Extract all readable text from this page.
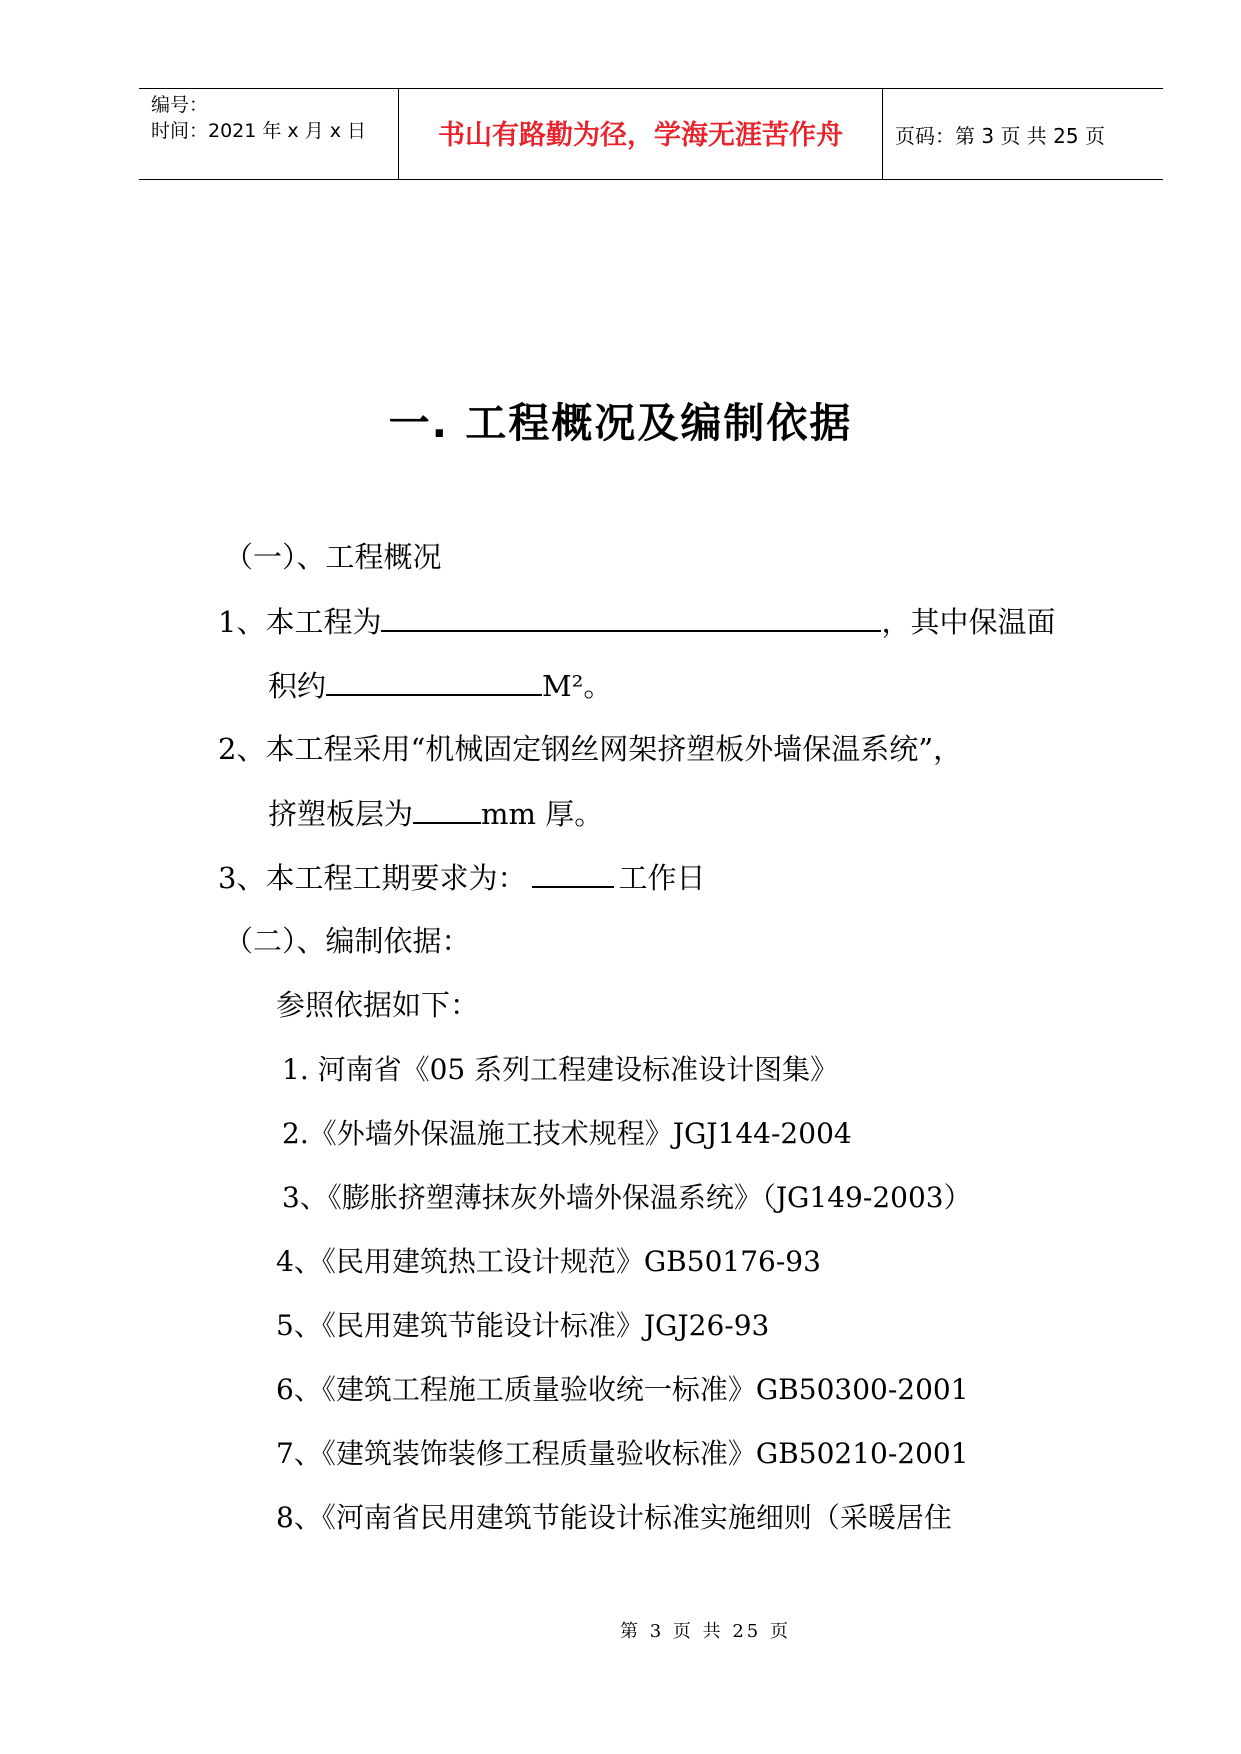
编号：
时间：2021 年 x 月 x 日	书山有路勤为径，学海无涯苦作舟	页码：第 3 页 共 25 页
一. 工程概况及编制依据
（一）、工程概况
1、本工程为	，其中保温面
积约	M²。
2、本工程采用“机械固定钢丝网架挤塑板外墙保温系统”，
挤塑板层为 mm 厚。
3、本工程工期要求为：	工作日
（二）、编制依据：
参照依据如下：
1. 河南省《05 系列工程建设标准设计图集》
2.《外墙外保温施工技术规程》JGJ144-2004
3、《膨胀挤塑薄抹灰外墙外保温系统》（JG149-2003）
4、《民用建筑热工设计规范》GB50176-93
5、《民用建筑节能设计标准》JGJ26-93
6、《建筑工程施工质量验收统一标准》GB50300-2001
7、《建筑装饰装修工程质量验收标准》GB50210-2001
8、《河南省民用建筑节能设计标准实施细则（采暖居住
第 3 页 共 25 页
